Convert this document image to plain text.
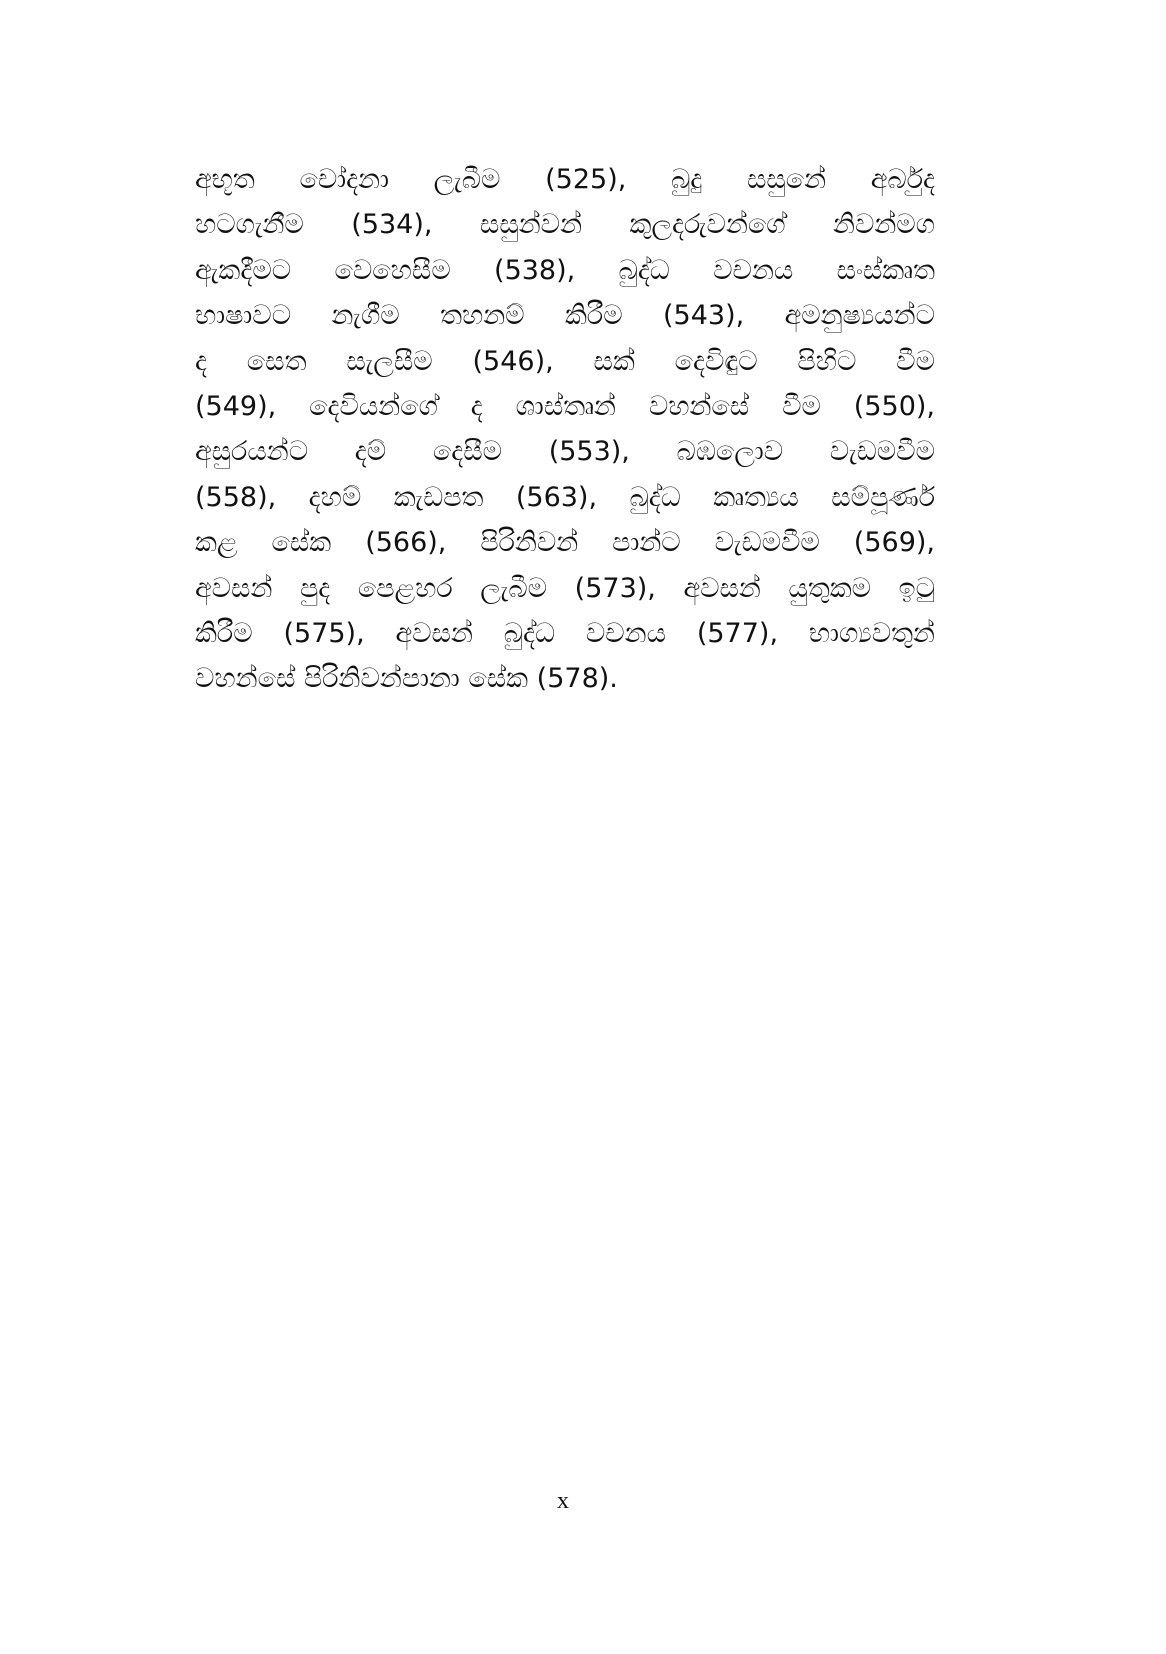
අභූත චෝදනා ලැබීම (525), බුදු සසුනේ අර්බුද
හටගැනීම (534), සසුන්වන් කුලදරුවන්ගේ නිවන්මග
ඇකදීමට වෙහෙසීම (538), බුද්ධ වචනය සංස්කෘත
භාෂාවට නැගීම තහනම් කිරීම (543), අමනුෂ්‍යයන්ට
ද සෙත සැලසීම (546), සක් දෙවිඳුට පිහිට වීම
(549), දෙවියන්ගේ ද ශාස්තෘන් වහන්සේ වීම (550),
අසුරයන්ට දම් දෙසීම (553), බඹලොව වැඩමවීම
(558), දහම් කැඩපත (563), බුද්ධ කෘත්‍යය සම්පූර්ණ
කළ සේක (566), පිරිනිවන් පාන්ට වැඩමවීම (569),
අවසන් පුද පෙළහර ලැබීම (573), අවසන් යුතුකම ඉටු
කිරීම (575), අවසන් බුද්ධ වචනය (577), භාග්‍යවතුන්
වහන්සේ පිරිනිවන්පානා සේක (578).
x
